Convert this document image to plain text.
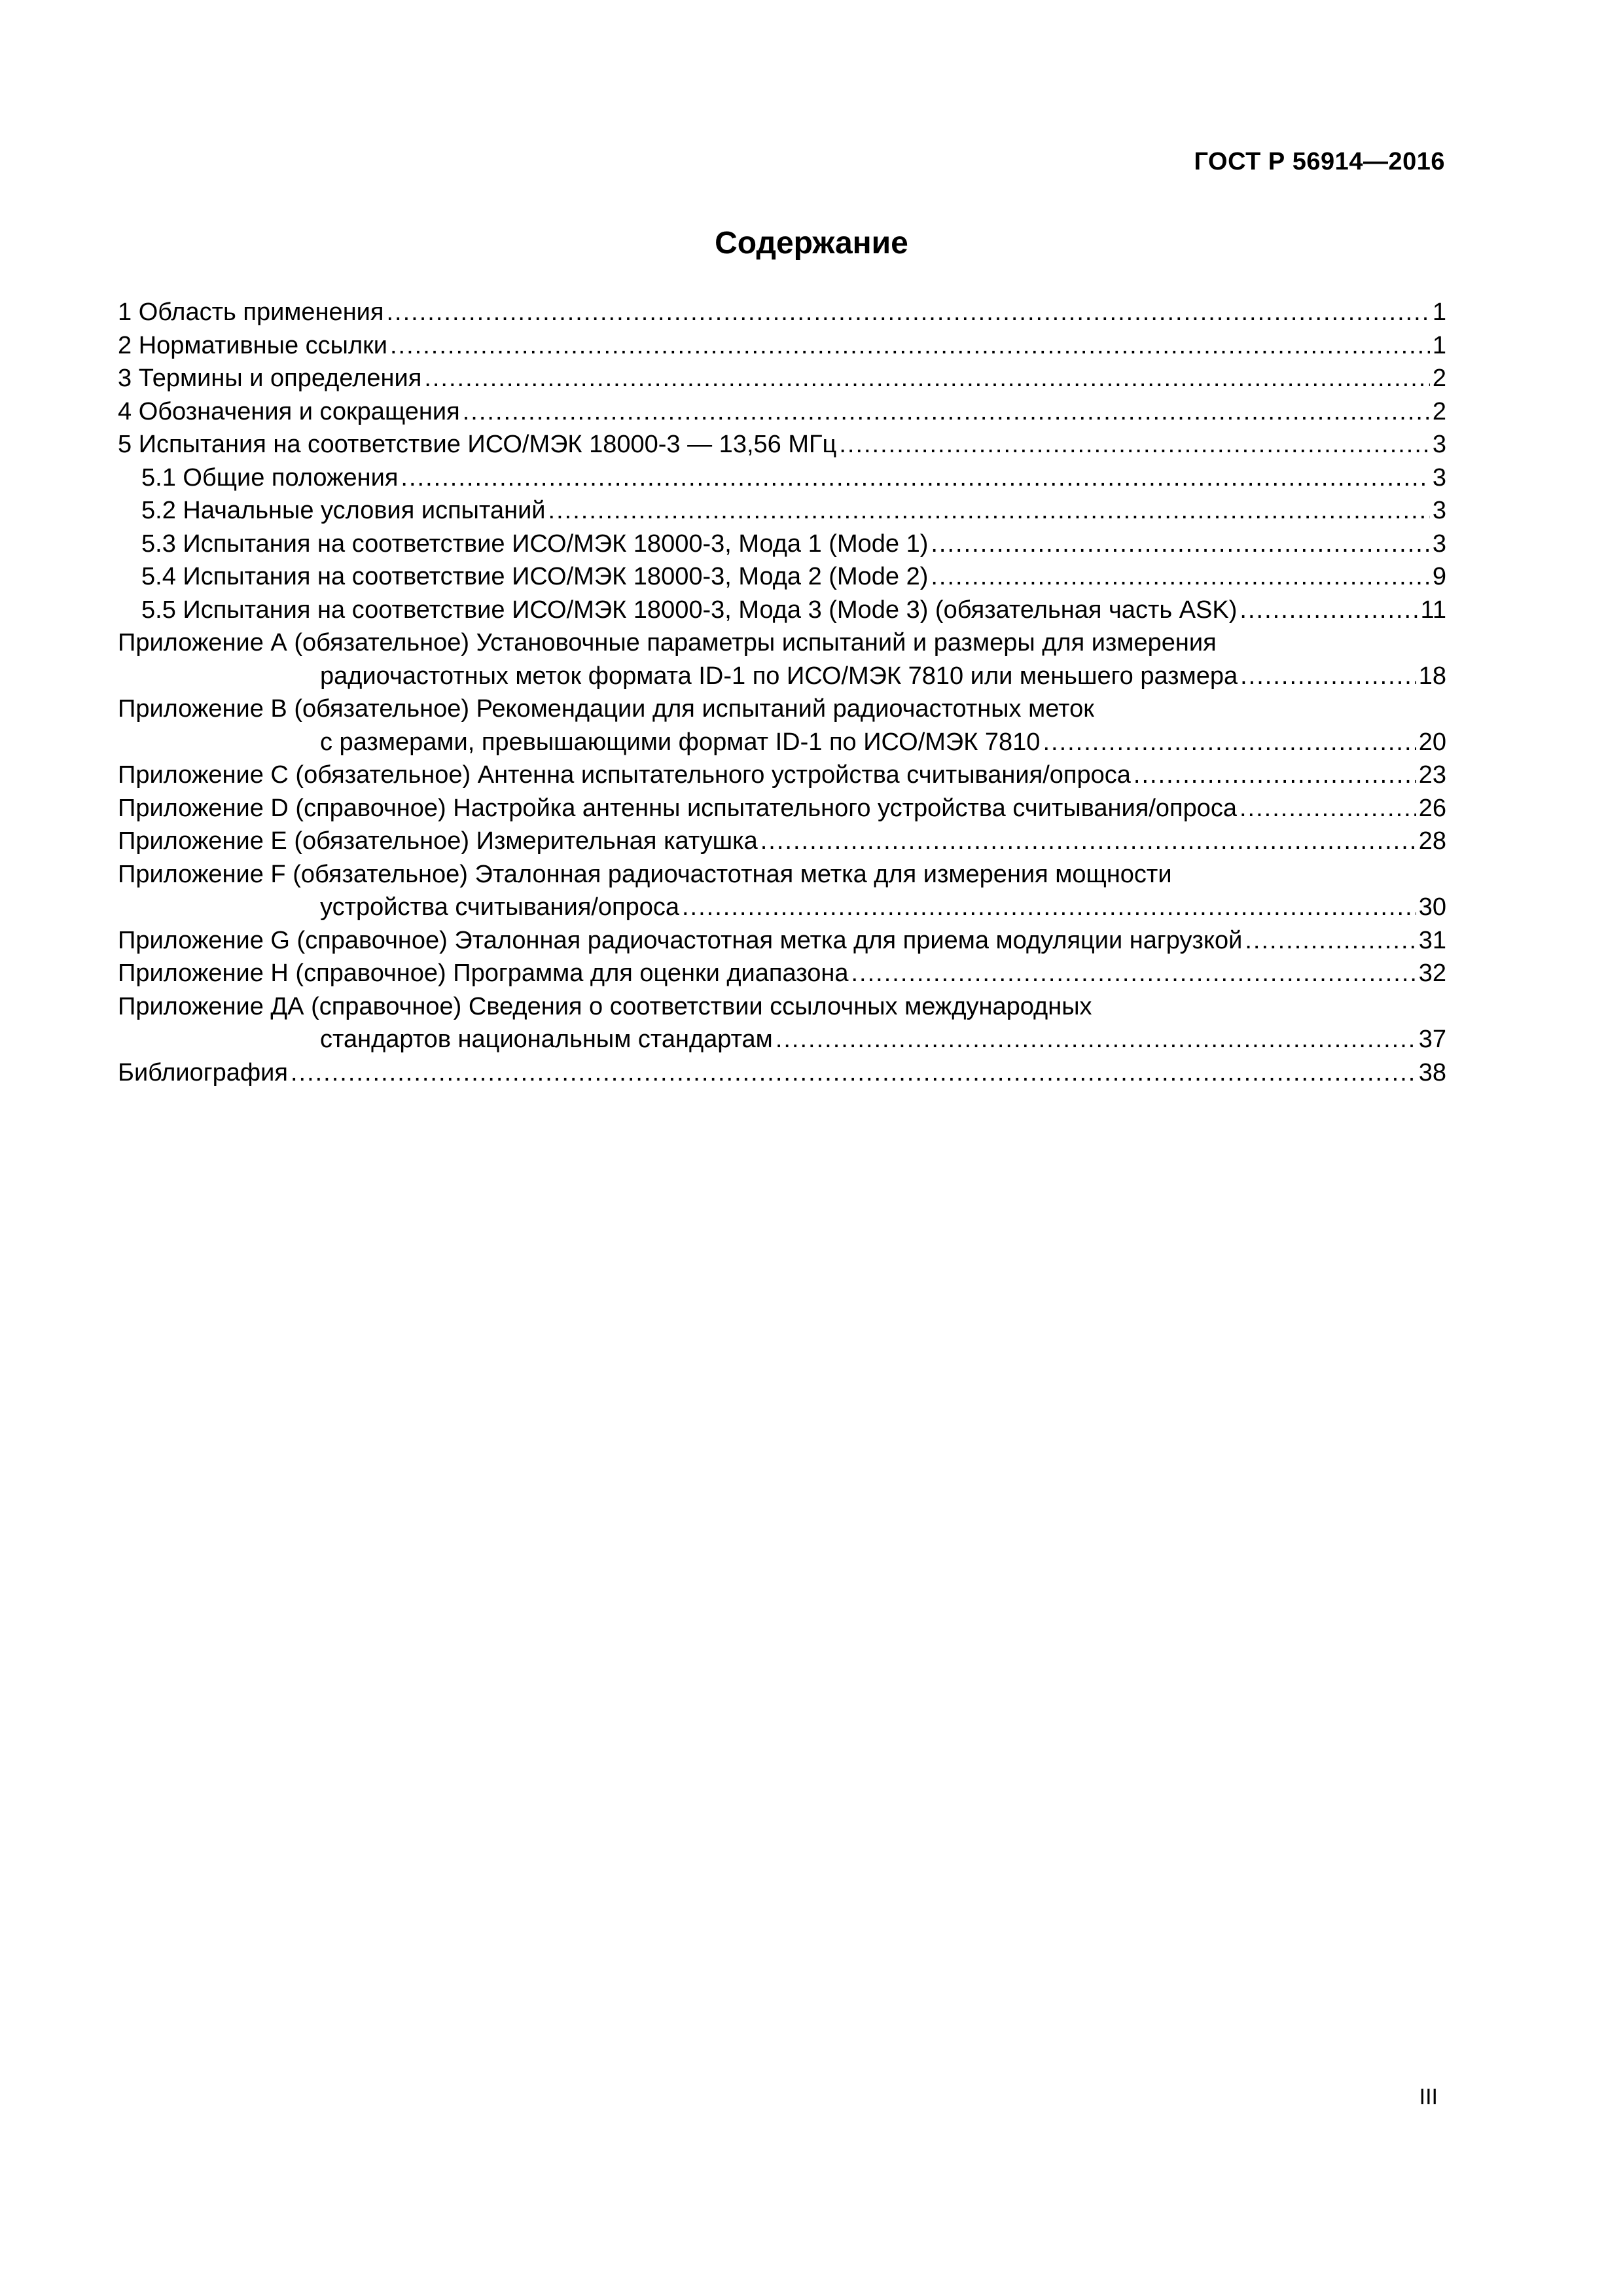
ГОСТ Р 56914—2016
Содержание
1 Область применения .....	1
2 Нормативные ссылки .....	1
3 Термины и определения .....	2
4 Обозначения и сокращения .....	2
5 Испытания на соответствие ИСО/МЭК 18000-3 — 13,56 МГц .....	3
5.1 Общие положения .....	3
5.2 Начальные условия испытаний .....	3
5.3 Испытания на соответствие ИСО/МЭК 18000-3, Мода 1 (Mode 1) .....	3
5.4 Испытания на соответствие ИСО/МЭК 18000-3, Мода 2 (Mode 2) .....	9
5.5 Испытания на соответствие ИСО/МЭК 18000-3, Мода 3 (Mode 3) (обязательная часть ASK) .....	11
Приложение А (обязательное) Установочные параметры испытаний и размеры для измерения
радиочастотных меток формата ID-1 по ИСО/МЭК 7810 или меньшего размера .....	18
Приложение В (обязательное) Рекомендации для испытаний радиочастотных меток
с размерами, превышающими формат ID-1 по ИСО/МЭК 7810 .....	20
Приложение С (обязательное) Антенна испытательного устройства считывания/опроса .....	23
Приложение D (справочное) Настройка антенны испытательного устройства считывания/опроса .....	26
Приложение Е (обязательное) Измерительная катушка .....	28
Приложение F (обязательное) Эталонная радиочастотная метка для измерения мощности
устройства считывания/опроса .....	30
Приложение G (справочное) Эталонная радиочастотная метка для приема модуляции нагрузкой .....	31
Приложение Н (справочное) Программа для оценки диапазона .....	32
Приложение ДА (справочное) Сведения о соответствии ссылочных международных
стандартов национальным стандартам .....	37
Библиография .....	38
III
